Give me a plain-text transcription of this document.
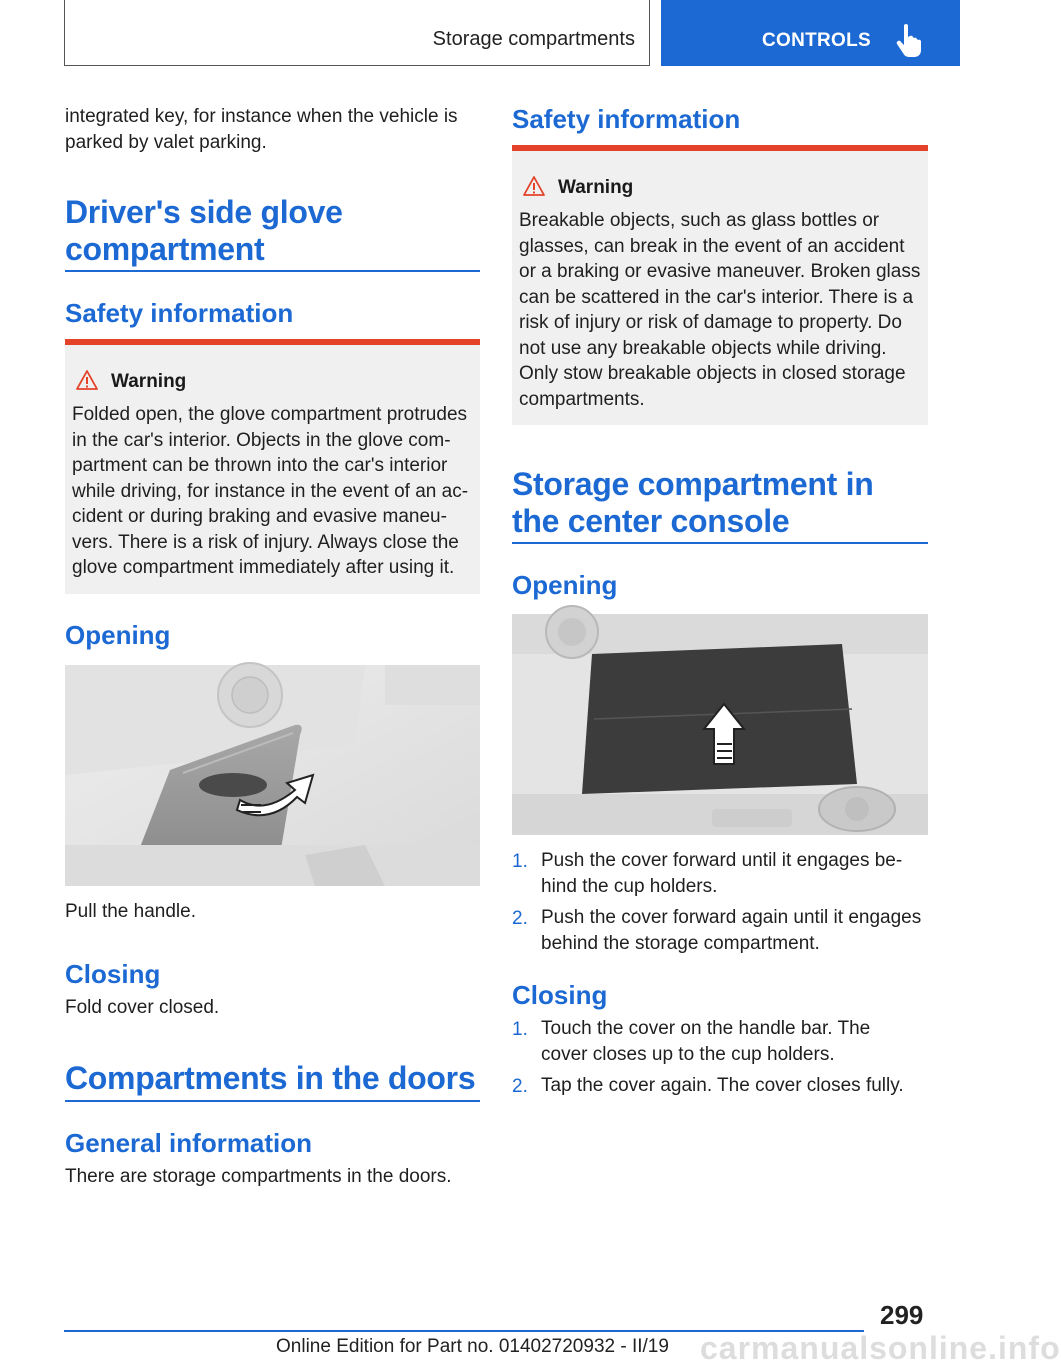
Storage compartments	CONTROLS
integrated key, for instance when the vehicle is
parked by valet parking.
Driver's side glove
compartment
Safety information
Warning
Folded open, the glove compartment protrudes
in the car's interior. Objects in the glove com-
partment can be thrown into the car's interior
while driving, for instance in the event of an ac-
cident or during braking and evasive maneu-
vers. There is a risk of injury. Always close the
glove compartment immediately after using it.
Opening
Pull the handle.
Closing
Fold cover closed.
Compartments in the doors
General information
There are storage compartments in the doors.
Safety information
Warning
Breakable objects, such as glass bottles or
glasses, can break in the event of an accident
or a braking or evasive maneuver. Broken glass
can be scattered in the car's interior. There is a
risk of injury or risk of damage to property. Do
not use any breakable objects while driving.
Only stow breakable objects in closed storage
compartments.
Storage compartment in
the center console
Opening
1. Push the cover forward until it engages be-
hind the cup holders.
2. Push the cover forward again until it engages
behind the storage compartment.
Closing
1. Touch the cover on the handle bar. The
cover closes up to the cup holders.
2. Tap the cover again. The cover closes fully.
299
Online Edition for Part no. 01402720932 - II/19 carmanualsonline.info
